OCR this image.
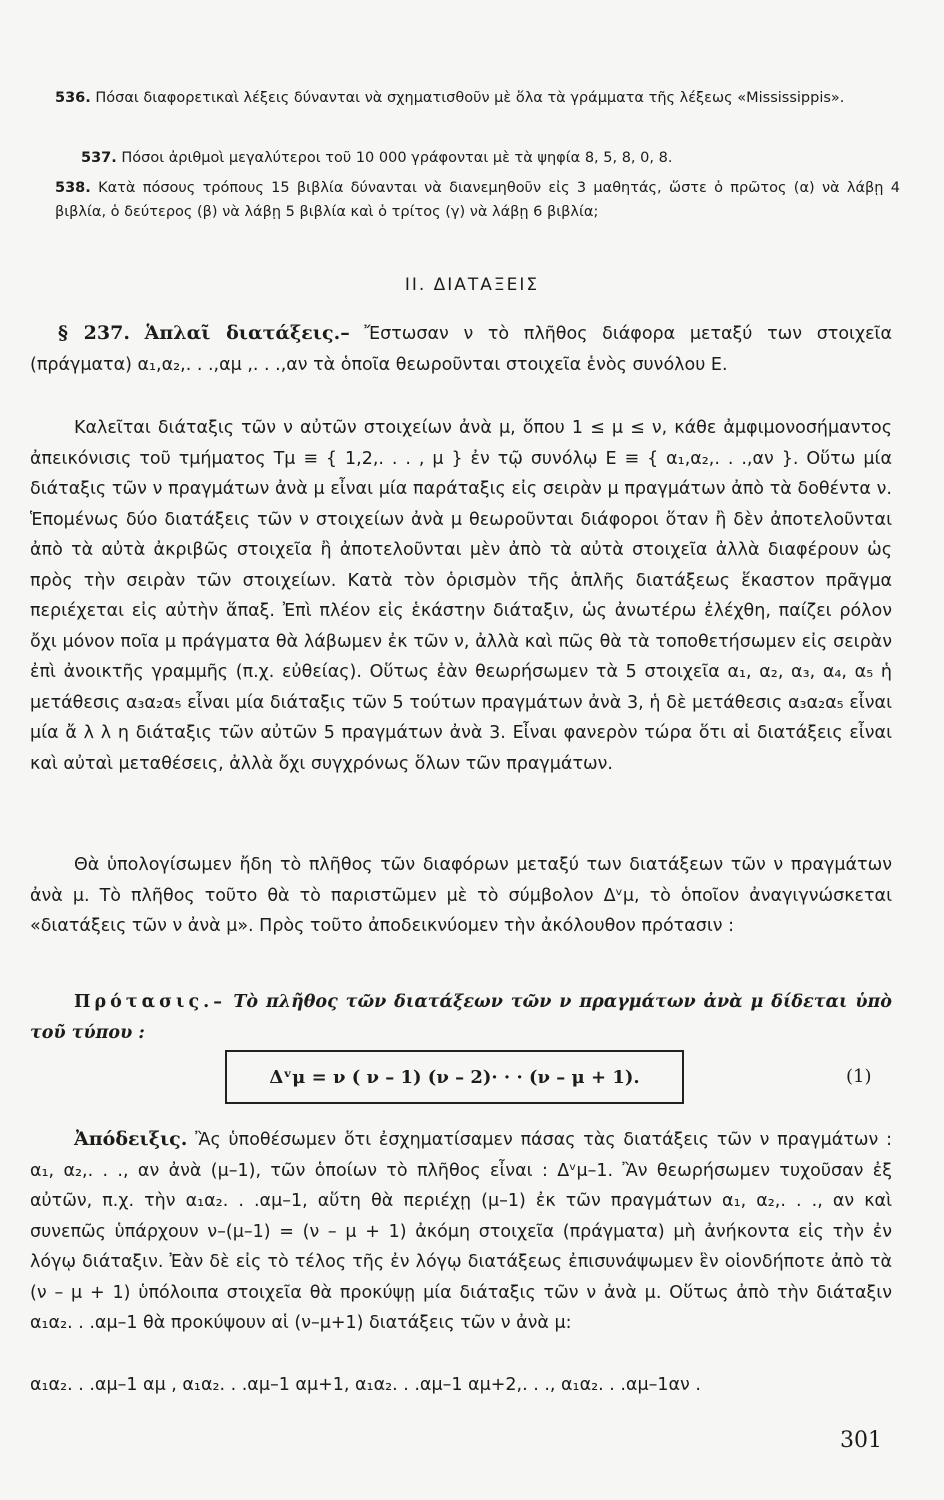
536. Πόσαι διαφορετικαὶ λέξεις δύνανται νὰ σχηματισθοῦν μὲ ὅλα τὰ γράμματα τῆς λέξεως «Mississippis».
537. Πόσοι ἀριθμοὶ μεγαλύτεροι τοῦ 10 000 γράφονται μὲ τὰ ψηφία 8, 5, 8, 0, 8.
538. Κατὰ πόσους τρόπους 15 βιβλία δύνανται νὰ διανεμηθοῦν εἰς 3 μαθητάς, ὥστε ὁ πρῶτος (α) νὰ λάβῃ 4 βιβλία, ὁ δεύτερος (β) νὰ λάβῃ 5 βιβλία καὶ ὁ τρίτος (γ) νὰ λάβῃ 6 βιβλία;
II. ΔΙΑΤΑΞΕΙΣ
§ 237. Ἁπλαῖ διατάξεις.– Ἔστωσαν ν τὸ πλῆθος διάφορα μεταξύ των στοιχεῖα (πράγματα) α₁,α₂,. . .,αμ ,. . .,αν τὰ ὁποῖα θεωροῦνται στοιχεῖα ἑνὸς συνόλου E.
Καλεῖται διάταξις τῶν ν αὐτῶν στοιχείων ἀνὰ μ, ὅπου 1 ≤ μ ≤ ν, κάθε ἀμφιμονοσήμαντος ἀπεικόνισις τοῦ τμήματος Tμ ≡ { 1,2,. . . , μ } ἐν τῷ συνόλῳ E ≡ { α₁,α₂,. . .,αν }. Οὕτω μία διάταξις τῶν ν πραγμάτων ἀνὰ μ εἶναι μία παράταξις εἰς σειρὰν μ πραγμάτων ἀπὸ τὰ δοθέντα ν. Ἑπομένως δύο διατάξεις τῶν ν στοιχείων ἀνὰ μ θεωροῦνται διάφοροι ὅταν ἢ δὲν ἀποτελοῦνται ἀπὸ τὰ αὐτὰ ἀκριβῶς στοιχεῖα ἢ ἀποτελοῦνται μὲν ἀπὸ τὰ αὐτὰ στοιχεῖα ἀλλὰ διαφέρουν ὡς πρὸς τὴν σειρὰν τῶν στοιχείων. Κατὰ τὸν ὁρισμὸν τῆς ἁπλῆς διατάξεως ἕκαστον πρᾶγμα περιέχεται εἰς αὐτὴν ἅπαξ. Ἐπὶ πλέον εἰς ἑκάστην διάταξιν, ὡς ἀνωτέρω ἐλέχθη, παίζει ρόλον ὄχι μόνον ποῖα μ πράγματα θὰ λάβωμεν ἐκ τῶν ν, ἀλλὰ καὶ πῶς θὰ τὰ τοποθετήσωμεν εἰς σειρὰν ἐπὶ ἀνοικτῆς γραμμῆς (π.χ. εὐθείας). Οὕτως ἐὰν θεωρήσωμεν τὰ 5 στοιχεῖα α₁, α₂, α₃, α₄, α₅ ἡ μετάθεσις α₃α₂α₅ εἶναι μία διάταξις τῶν 5 τούτων πραγμάτων ἀνὰ 3, ἡ δὲ μετάθεσις α₃α₂α₅ εἶναι μία ἄ λ λ η διάταξις τῶν αὐτῶν 5 πραγμάτων ἀνὰ 3. Εἶναι φανερὸν τώρα ὅτι αἱ διατάξεις εἶναι καὶ αὐταὶ μεταθέσεις, ἀλλὰ ὄχι συγχρόνως ὅλων τῶν πραγμάτων.
Θὰ ὑπολογίσωμεν ἤδη τὸ πλῆθος τῶν διαφόρων μεταξύ των διατάξεων τῶν ν πραγμάτων ἀνὰ μ. Τὸ πλῆθος τοῦτο θὰ τὸ παριστῶμεν μὲ τὸ σύμβολον Δᵛμ, τὸ ὁποῖον ἀναγιγνώσκεται «διατάξεις τῶν ν ἀνὰ μ». Πρὸς τοῦτο ἀποδεικνύομεν τὴν ἀκόλουθον πρότασιν :
Πρότασις.– Τὸ πλῆθος τῶν διατάξεων τῶν ν πραγμάτων ἀνὰ μ δίδεται ὑπὸ τοῦ τύπου :
Δᵛμ = ν ( ν – 1) (ν – 2)· · · (ν – μ + 1).	(1)
Ἀπόδειξις. Ἂς ὑποθέσωμεν ὅτι ἐσχηματίσαμεν πάσας τὰς διατάξεις τῶν ν πραγμάτων : α₁, α₂,. . ., αν ἀνὰ (μ–1), τῶν ὁποίων τὸ πλῆθος εἶναι : Δᵛμ–1. Ἂν θεωρήσωμεν τυχοῦσαν ἐξ αὐτῶν, π.χ. τὴν α₁α₂. . .αμ–1, αὕτη θὰ περιέχῃ (μ–1) ἐκ τῶν πραγμάτων α₁, α₂,. . ., αν καὶ συνεπῶς ὑπάρχουν ν–(μ–1) = (ν – μ + 1) ἀκόμη στοιχεῖα (πράγματα) μὴ ἀνήκοντα εἰς τὴν ἐν λόγῳ διάταξιν. Ἐὰν δὲ εἰς τὸ τέλος τῆς ἐν λόγῳ διατάξεως ἐπισυνάψωμεν ἓν οἱονδήποτε ἀπὸ τὰ (ν – μ + 1) ὑπόλοιπα στοιχεῖα θὰ προκύψῃ μία διάταξις τῶν ν ἀνὰ μ. Οὕτως ἀπὸ τὴν διάταξιν α₁α₂. . .αμ–1 θὰ προκύψουν αἱ (ν–μ+1) διατάξεις τῶν ν ἀνὰ μ:
α₁α₂. . .αμ–1 αμ , α₁α₂. . .αμ–1 αμ+1, α₁α₂. . .αμ–1 αμ+2,. . ., α₁α₂. . .αμ–1αν .
301
